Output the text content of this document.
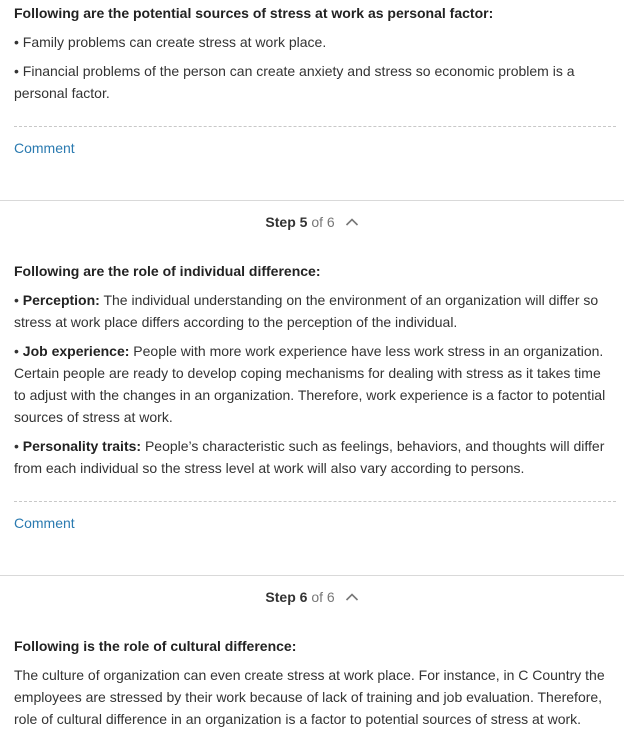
Following are the potential sources of stress at work as personal factor:
• Family problems can create stress at work place.
• Financial problems of the person can create anxiety and stress so economic problem is a personal factor.
Comment
Step 5 of 6
Following are the role of individual difference:
• Perception: The individual understanding on the environment of an organization will differ so stress at work place differs according to the perception of the individual.
• Job experience: People with more work experience have less work stress in an organization. Certain people are ready to develop coping mechanisms for dealing with stress as it takes time to adjust with the changes in an organization. Therefore, work experience is a factor to potential sources of stress at work.
• Personality traits: People’s characteristic such as feelings, behaviors, and thoughts will differ from each individual so the stress level at work will also vary according to persons.
Comment
Step 6 of 6
Following is the role of cultural difference:
The culture of organization can even create stress at work place. For instance, in C Country the employees are stressed by their work because of lack of training and job evaluation. Therefore, role of cultural difference in an organization is a factor to potential sources of stress at work.
